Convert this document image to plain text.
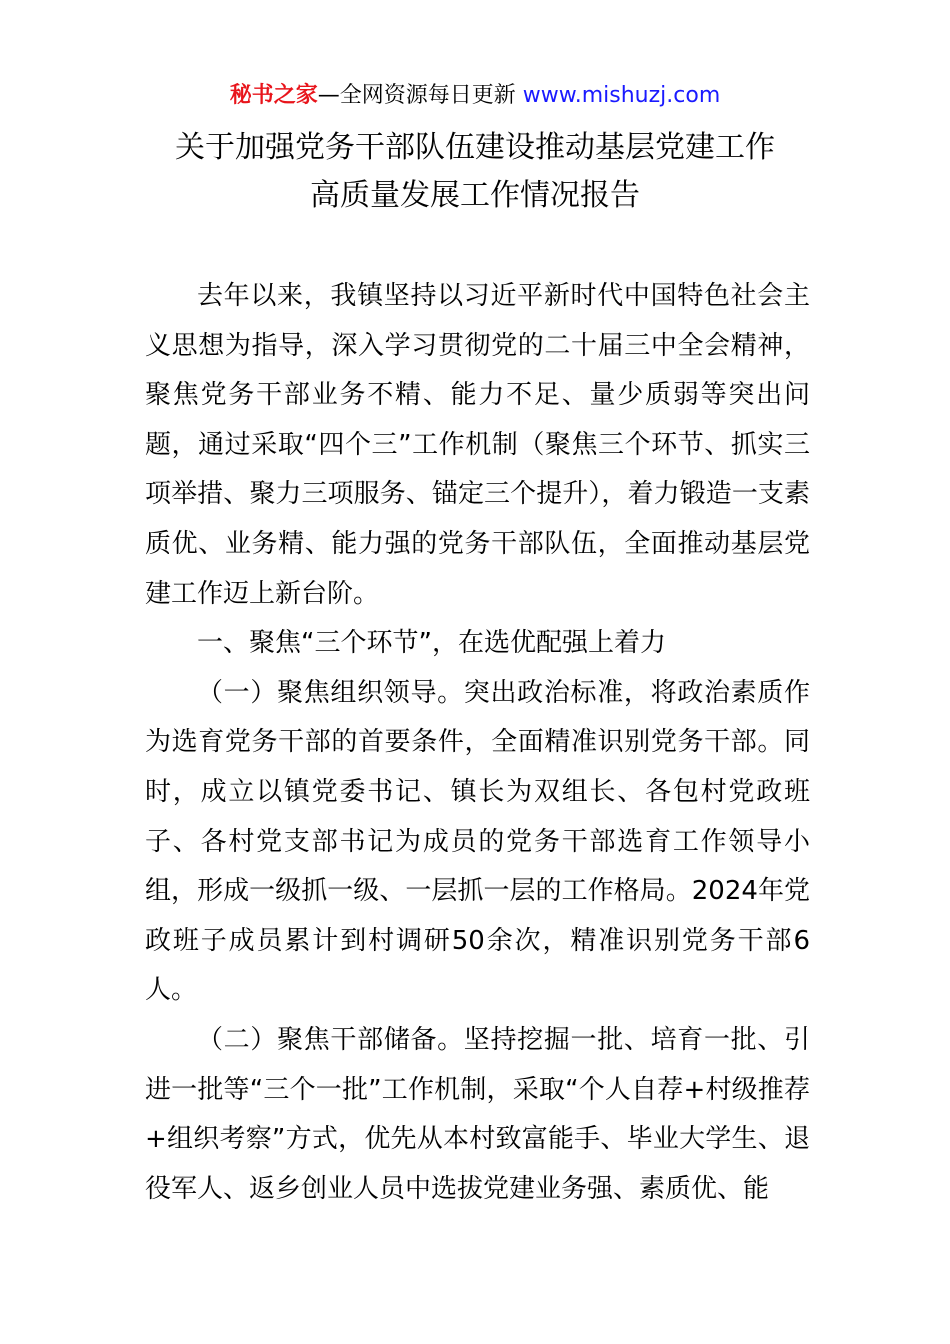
秘书之家—全网资源每日更新 www.mishuzj.com
关于加强党务干部队伍建设推动基层党建工作
高质量发展工作情况报告

去年以来，我镇坚持以习近平新时代中国特色社会主义思想为指导，深入学习贯彻党的二十届三中全会精神，聚焦党务干部业务不精、能力不足、量少质弱等突出问题，通过采取“四个三”工作机制（聚焦三个环节、抓实三项举措、聚力三项服务、锚定三个提升），着力锻造一支素质优、业务精、能力强的党务干部队伍，全面推动基层党建工作迈上新台阶。

一、聚焦“三个环节”，在选优配强上着力

（一）聚焦组织领导。突出政治标准，将政治素质作为选育党务干部的首要条件，全面精准识别党务干部。同时，成立以镇党委书记、镇长为双组长、各包村党政班子、各村党支部书记为成员的党务干部选育工作领导小组，形成一级抓一级、一层抓一层的工作格局。2024年党政班子成员累计到村调研50余次，精准识别党务干部6人。

（二）聚焦干部储备。坚持挖掘一批、培育一批、引进一批等“三个一批”工作机制，采取“个人自荐+村级推荐+组织考察”方式，优先从本村致富能手、毕业大学生、退役军人、返乡创业人员中选拔党建业务强、素质优、能
